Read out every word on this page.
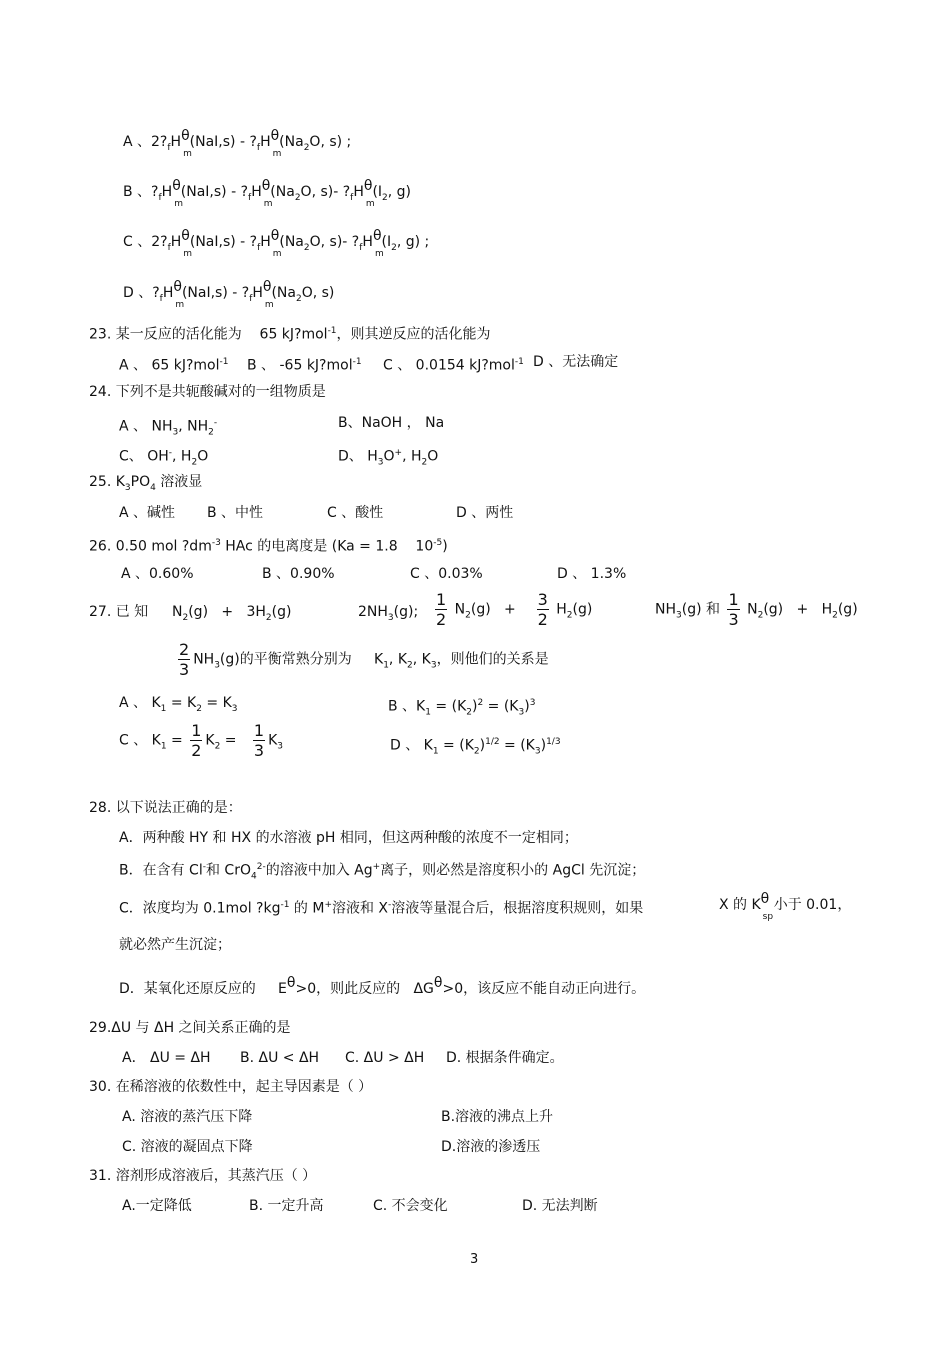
A 、$2?_fH\theta$
m
$(NaI,s) - ?_fH\theta$
m
($Na_2O$, s) ;
B 、$?_fH\theta$
m
$(NaI,s) - ?_fH\theta$
m
($Na_2O$, s)- $?_fH\theta$
m
($I_2$, g)
C 、$2?_fH\theta$
m
$(NaI,s) - ?_fH\theta$
m
($Na_2O$, s)- $?_fH\theta$
m
($I_2$, g) ;
D 、$?_fH\theta$
m
$(NaI,s) - ?_fH\theta$
m
($Na_2O$, s)
23. 某一反应的活化能为 65 kJ?mol$^{-1}$，则其逆反应的活化能为
A 、 65 kJ?mol$^{-1}$ B 、 -65 kJ?mol$^{-1}$ C 、 0.0154 kJ?mol$^{-1}$ D 、无法确定
24. 下列不是共轭酸碱对的一组物质是
A 、 $NH_3$, $NH_2^-$	B、NaOH ， Na
C、 OH-, $H_2O$	D、 $H_3O^+$, $H_2O$
25. $K_3PO_4$ 溶液显
A 、碱性 B 、中性	C 、酸性	D 、两性
26. 0.50 mol $?dm^{-3}$ HAc 的电离度是 (Ka = 1.8 $10^{-5}$)
A 、0.60%	B 、0.90%	C 、0.03%	D 、 1.3%
27. 已 知 $N_2(g) + 3H_2(g)$	$2NH_3(g)$; $\frac{1}{2} N_2(g) + \frac{3}{2} H_2(g)$	$NH_3(g)$ 和 $\frac{1}{3} N_2(g) + H_2(g)$
$\frac{2}{3} NH_3(g)$的平衡常熟分别为 $K_1$, $K_2$, $K_3$，则他们的关系是
A 、 $K_1 = K_2 = K_3$	B 、$K_1 = (K_2)^2 = (K_3)^3$
C 、 $K_1 = \frac{1}{2} K_2 = \frac{1}{3} K_3$	D 、 $K_1 = (K_2)^{1/2} = (K_3)^{1/3}$
28. 以下说法正确的是：
A．两种酸 HY 和 HX 的水溶液 pH 相同，但这两种酸的浓度不一定相同；
B．在含有 Cl-和 CrO$_4^{2-}$的溶液中加入 Ag+离子，则必然是溶度积小的 AgCl 先沉淀；
C．浓度均为 0.1mol $?kg^{-1}$ 的 M+溶液和 X-溶液等量混合后，根据溶度积规则，如果	X 的 Kθ
sp
小于 0.01，
就必然产生沉淀；
D．某氧化还原反应的 Eθ>0，则此反应的 ΔGθ>0，该反应不能自动正向进行。
29.ΔU 与 ΔH 之间关系正确的是
A． ΔU = ΔH B. ΔU < ΔH C. ΔU > ΔH D. 根据条件确定。
30. 在稀溶液的依数性中，起主导因素是（ ）
A. 溶液的蒸汽压下降	B.溶液的沸点上升
C. 溶液的凝固点下降	D.溶液的渗透压
31. 溶剂形成溶液后，其蒸汽压（ ）
A.一定降低	B. 一定升高	C. 不会变化	D. 无法判断
3
